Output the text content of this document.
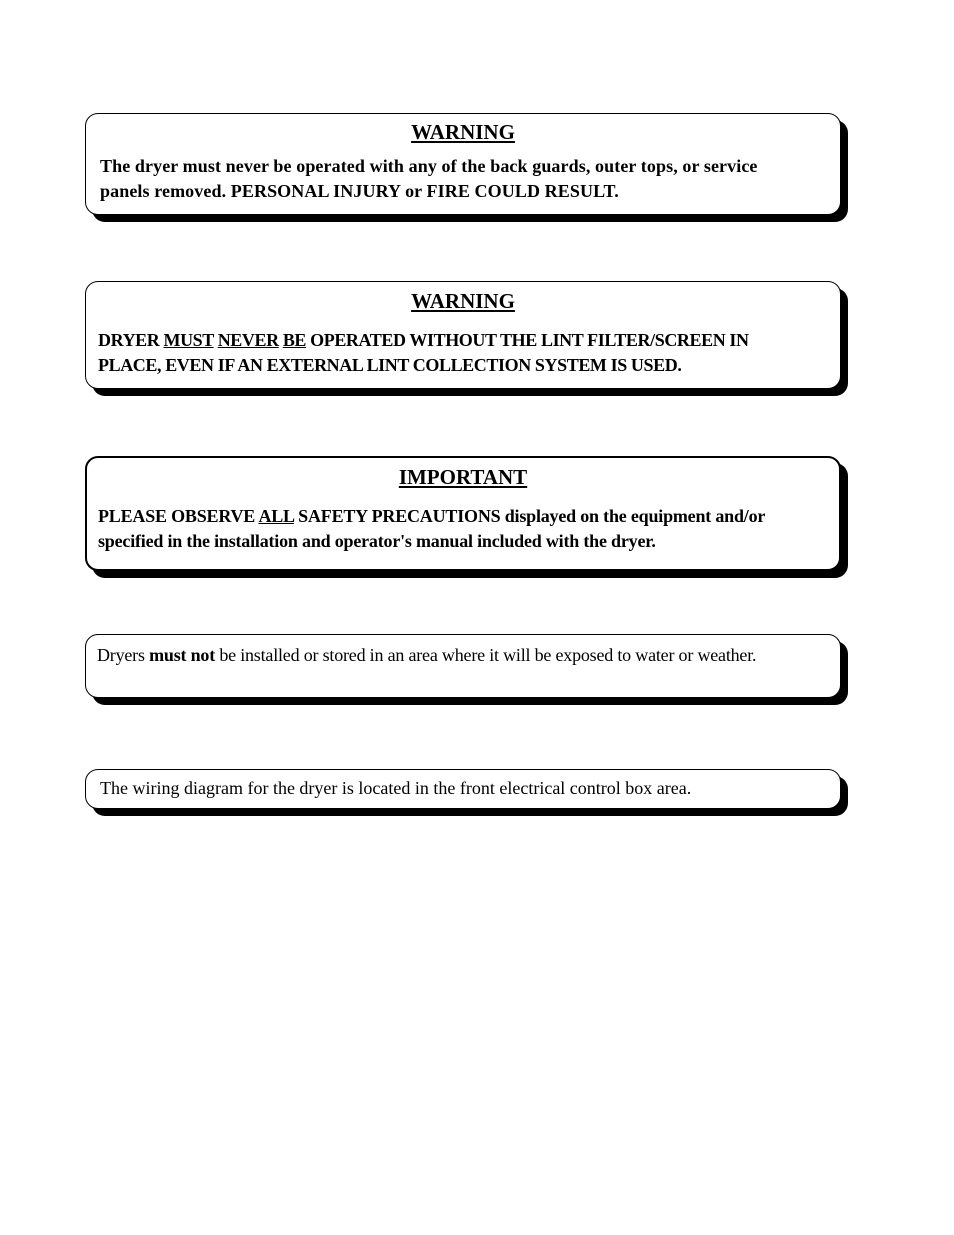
WARNING

The dryer must never be operated with any of the back guards, outer tops, or service
panels removed. PERSONAL INJURY or FIRE COULD RESULT.

WARNING

DRYER MUST NEVER BE OPERATED WITHOUT THE LINT FILTER/SCREEN IN
PLACE, EVEN IF AN EXTERNAL LINT COLLECTION SYSTEM IS USED.

IMPORTANT

PLEASE OBSERVE ALL SAFETY PRECAUTIONS displayed on the equipment and/or
specified in the installation and operator's manual included with the dryer.

Dryers must not be installed or stored in an area where it will be exposed to water or weather.

The wiring diagram for the dryer is located in the front electrical control box area.
